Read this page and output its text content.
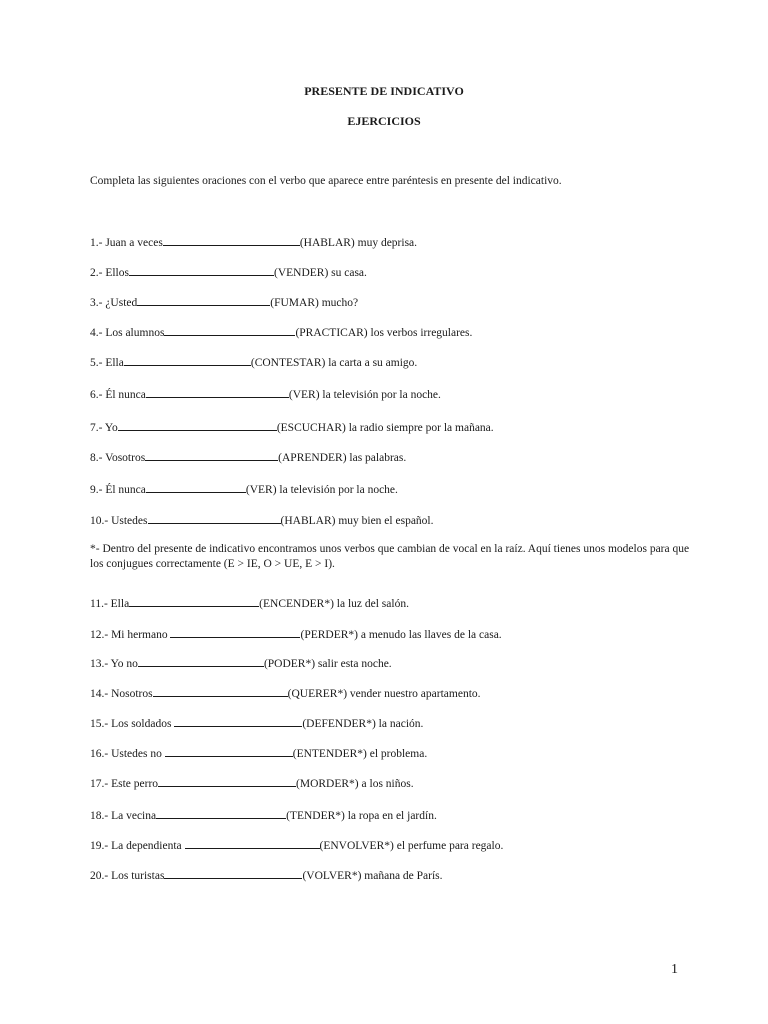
PRESENTE DE INDICATIVO
EJERCICIOS
Completa las siguientes oraciones con el verbo que aparece entre paréntesis en presente del indicativo.
1.- Juan a veces	(HABLAR) muy deprisa.
2.- Ellos	(VENDER) su casa.
3.- ¿Usted	(FUMAR) mucho?
4.- Los alumnos	(PRACTICAR) los verbos irregulares.
5.- Ella	(CONTESTAR) la carta a su amigo.
6.- Él nunca	(VER) la televisión por la noche.
7.- Yo	(ESCUCHAR) la radio siempre por la mañana.
8.- Vosotros	(APRENDER) las palabras.
9.- Él nunca	(VER) la televisión por la noche.
10.- Ustedes	(HABLAR) muy bien el español.
*- Dentro del presente de indicativo encontramos unos verbos que cambian de vocal en la raíz. Aquí tienes unos modelos para que los conjugues correctamente (E > IE, O > UE, E > I).
11.- Ella	(ENCENDER*) la luz del salón.
12.- Mi hermano	(PERDER*) a menudo las llaves de la casa.
13.- Yo no	(PODER*) salir esta noche.
14.- Nosotros	(QUERER*) vender nuestro apartamento.
15.- Los soldados	(DEFENDER*) la nación.
16.- Ustedes no	(ENTENDER*) el problema.
17.- Este perro	(MORDER*) a los niños.
18.- La vecina	(TENDER*) la ropa en el jardín.
19.- La dependienta	(ENVOLVER*) el perfume para regalo.
20.- Los turistas	(VOLVER*) mañana de París.
1
